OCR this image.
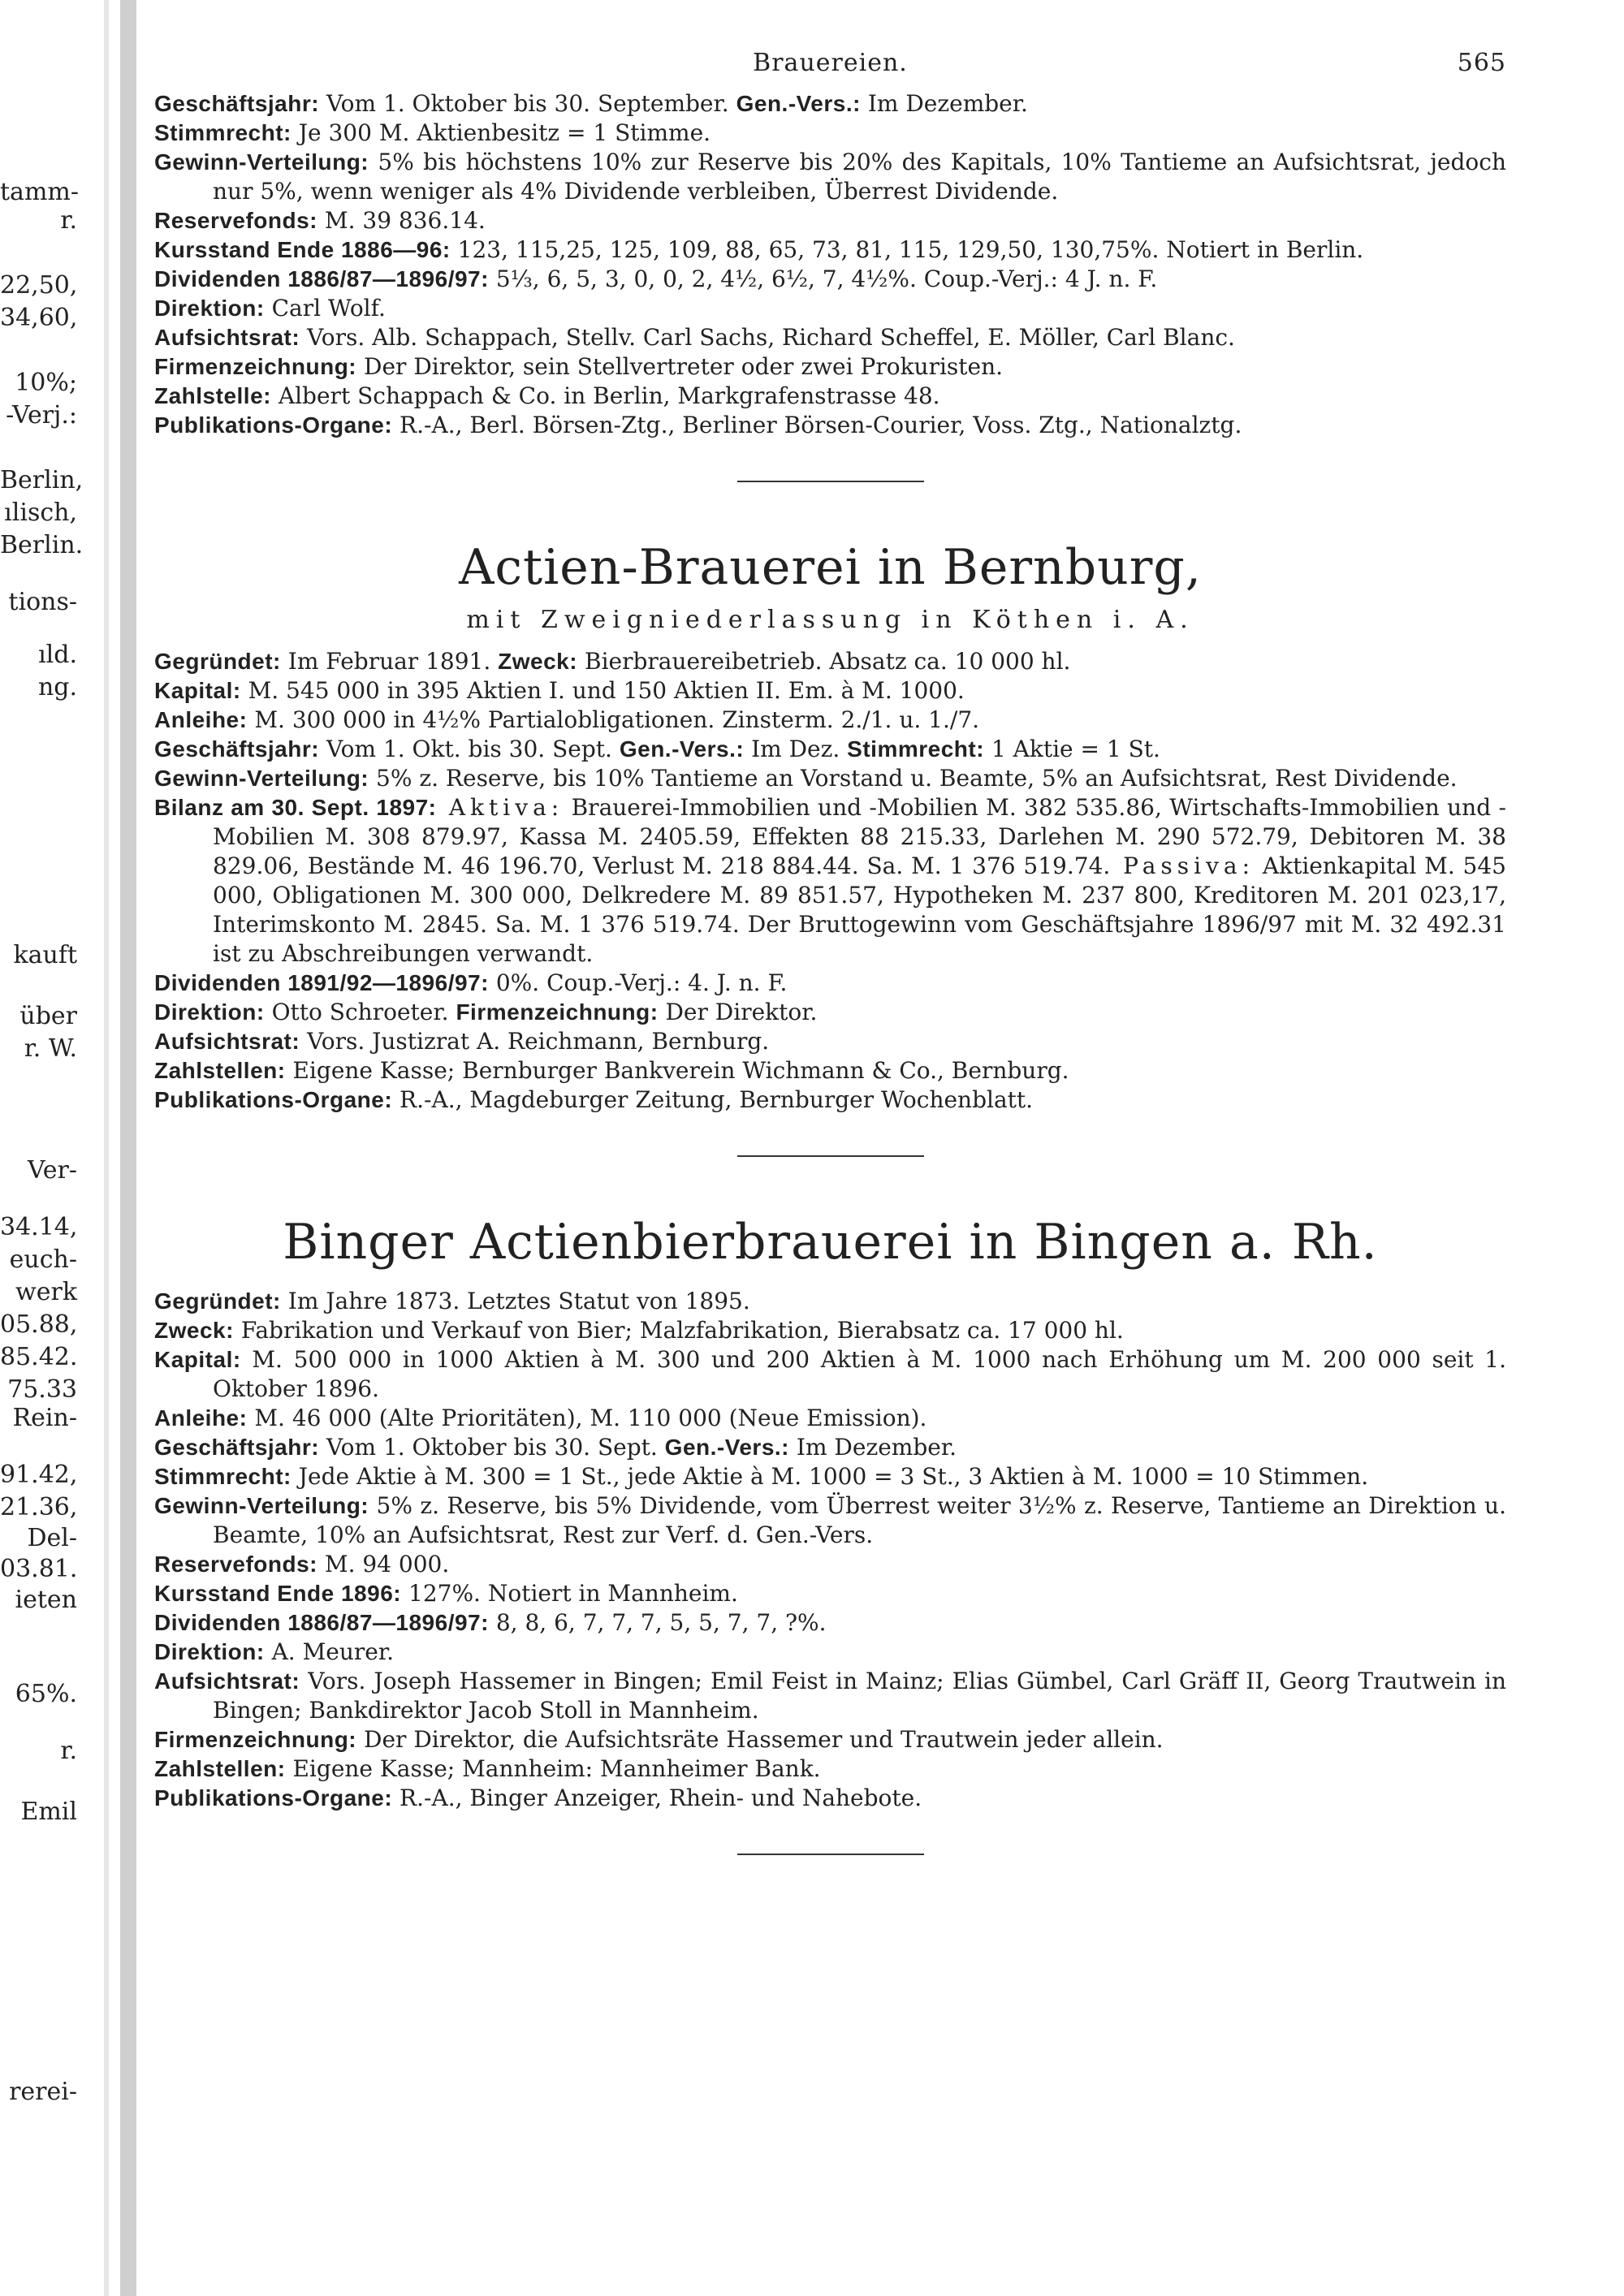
tamm-
r.
22,50,
34,60,
10%;
-Verj.:
Berlin,
ılisch,
Berlin.
tions-
ıld.
ng.
kauft
über
r. W.
Ver-
34.14,
euch-
werk
05.88,
85.42.
75.33
Rein-
91.42,
21.36,
Del-
03.81.
ieten
65%.
r.
Emil
rerei-
Brauereien.	565

Geschäftsjahr: Vom 1. Oktober bis 30. September. Gen.-Vers.: Im Dezember.

Stimmrecht: Je 300 M. Aktienbesitz = 1 Stimme.

Gewinn-Verteilung: 5% bis höchstens 10% zur Reserve bis 20% des Kapitals, 10% Tantieme an Aufsichtsrat, jedoch nur 5%, wenn weniger als 4% Dividende verbleiben, Überrest Dividende.

Reservefonds: M. 39 836.14.

Kursstand Ende 1886—96: 123, 115,25, 125, 109, 88, 65, 73, 81, 115, 129,50, 130,75%. Notiert in Berlin.

Dividenden 1886/87—1896/97: 5⅓, 6, 5, 3, 0, 0, 2, 4½, 6½, 7, 4½%. Coup.-Verj.: 4 J. n. F.

Direktion: Carl Wolf.

Aufsichtsrat: Vors. Alb. Schappach, Stellv. Carl Sachs, Richard Scheffel, E. Möller, Carl Blanc.

Firmenzeichnung: Der Direktor, sein Stellvertreter oder zwei Prokuristen.

Zahlstelle: Albert Schappach & Co. in Berlin, Markgrafenstrasse 48.

Publikations-Organe: R.-A., Berl. Börsen-Ztg., Berliner Börsen-Courier, Voss. Ztg., Nationalztg.

Actien-Brauerei in Bernburg,
mit Zweigniederlassung in Köthen i. A.

Gegründet: Im Februar 1891. Zweck: Bierbrauereibetrieb. Absatz ca. 10 000 hl.

Kapital: M. 545 000 in 395 Aktien I. und 150 Aktien II. Em. à M. 1000.

Anleihe: M. 300 000 in 4½% Partialobligationen. Zinsterm. 2./1. u. 1./7.

Geschäftsjahr: Vom 1. Okt. bis 30. Sept. Gen.-Vers.: Im Dez. Stimmrecht: 1 Aktie = 1 St.

Gewinn-Verteilung: 5% z. Reserve, bis 10% Tantieme an Vorstand u. Beamte, 5% an Aufsichtsrat, Rest Dividende.

Bilanz am 30. Sept. 1897: Aktiva: Brauerei-Immobilien und -Mobilien M. 382 535.86, Wirtschafts-Immobilien und -Mobilien M. 308 879.97, Kassa M. 2405.59, Effekten 88 215.33, Darlehen M. 290 572.79, Debitoren M. 38 829.06, Bestände M. 46 196.70, Verlust M. 218 884.44. Sa. M. 1 376 519.74. Passiva: Aktienkapital M. 545 000, Obligationen M. 300 000, Delkredere M. 89 851.57, Hypotheken M. 237 800, Kreditoren M. 201 023,17, Interimskonto M. 2845. Sa. M. 1 376 519.74. Der Bruttogewinn vom Geschäftsjahre 1896/97 mit M. 32 492.31 ist zu Abschreibungen verwandt.

Dividenden 1891/92—1896/97: 0%. Coup.-Verj.: 4. J. n. F.

Direktion: Otto Schroeter. Firmenzeichnung: Der Direktor.

Aufsichtsrat: Vors. Justizrat A. Reichmann, Bernburg.

Zahlstellen: Eigene Kasse; Bernburger Bankverein Wichmann & Co., Bernburg.

Publikations-Organe: R.-A., Magdeburger Zeitung, Bernburger Wochenblatt.

Binger Actienbierbrauerei in Bingen a. Rh.

Gegründet: Im Jahre 1873. Letztes Statut von 1895.

Zweck: Fabrikation und Verkauf von Bier; Malzfabrikation, Bierabsatz ca. 17 000 hl.

Kapital: M. 500 000 in 1000 Aktien à M. 300 und 200 Aktien à M. 1000 nach Erhöhung um M. 200 000 seit 1. Oktober 1896.

Anleihe: M. 46 000 (Alte Prioritäten), M. 110 000 (Neue Emission).

Geschäftsjahr: Vom 1. Oktober bis 30. Sept. Gen.-Vers.: Im Dezember.

Stimmrecht: Jede Aktie à M. 300 = 1 St., jede Aktie à M. 1000 = 3 St., 3 Aktien à M. 1000 = 10 Stimmen.

Gewinn-Verteilung: 5% z. Reserve, bis 5% Dividende, vom Überrest weiter 3½% z. Reserve, Tantieme an Direktion u. Beamte, 10% an Aufsichtsrat, Rest zur Verf. d. Gen.-Vers.

Reservefonds: M. 94 000.

Kursstand Ende 1896: 127%. Notiert in Mannheim.

Dividenden 1886/87—1896/97: 8, 8, 6, 7, 7, 7, 5, 5, 7, 7, ?%.

Direktion: A. Meurer.

Aufsichtsrat: Vors. Joseph Hassemer in Bingen; Emil Feist in Mainz; Elias Gümbel, Carl Gräff II, Georg Trautwein in Bingen; Bankdirektor Jacob Stoll in Mannheim.

Firmenzeichnung: Der Direktor, die Aufsichtsräte Hassemer und Trautwein jeder allein.

Zahlstellen: Eigene Kasse; Mannheim: Mannheimer Bank.

Publikations-Organe: R.-A., Binger Anzeiger, Rhein- und Nahebote.
